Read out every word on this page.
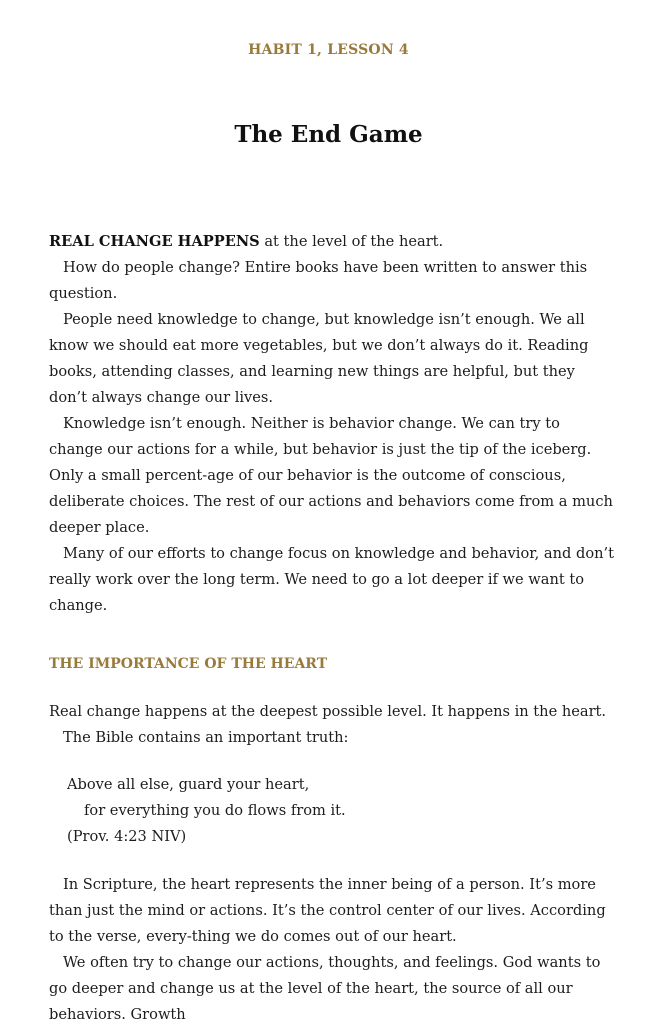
HABIT 1, LESSON 4

The End Game

REAL CHANGE HAPPENS at the level of the heart.

How do people change? Entire books have been written to answer this question.

People need knowledge to change, but knowledge isn’t enough. We all know we should eat more vegetables, but we don’t always do it. Reading books, attending classes, and learning new things are helpful, but they don’t always change our lives.

Knowledge isn’t enough. Neither is behavior change. We can try to change our actions for a while, but behavior is just the tip of the iceberg. Only a small percent-age of our behavior is the outcome of conscious, deliberate choices. The rest of our actions and behaviors come from a much deeper place.

Many of our efforts to change focus on knowledge and behavior, and don’t really work over the long term. We need to go a lot deeper if we want to change.

THE IMPORTANCE OF THE HEART

Real change happens at the deepest possible level. It happens in the heart.

The Bible contains an important truth:

Above all else, guard your heart,
for everything you do flows from it.
(Prov. 4:23 NIV)

In Scripture, the heart represents the inner being of a person. It’s more than just the mind or actions. It’s the control center of our lives. According to the verse, every-thing we do comes out of our heart.

We often try to change our actions, thoughts, and feelings. God wants to go deeper and change us at the level of the heart, the source of all our behaviors. Growth
